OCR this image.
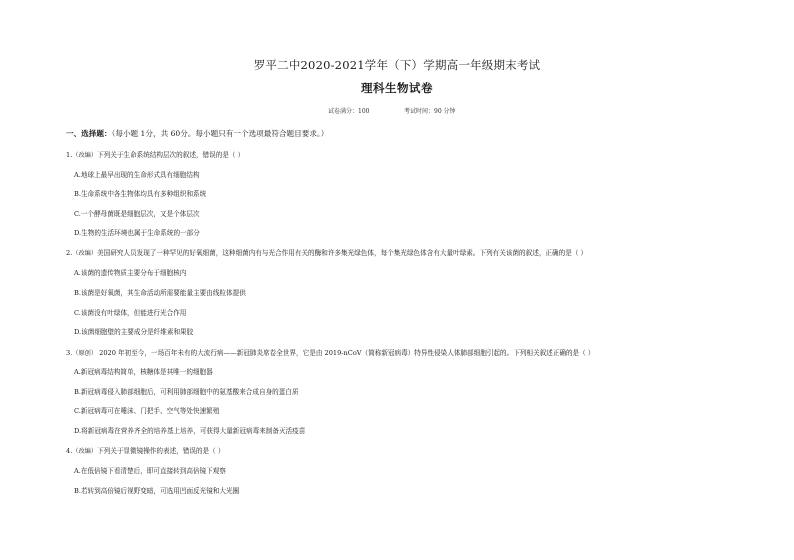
罗平二中2020-2021学年（下）学期高一年级期末考试
理科生物试卷
试卷满分：100	考试时间：90 分钟
一、选择题：（每小题 1分，共 60分。每小题只有一个选项最符合题目要求。）
1.（改编）下列关于生命系统结构层次的叙述，错误的是（ ）
A.地球上最早出现的生命形式具有细胞结构
B.生命系统中各生物体均具有多种组织和系统
C.一个酵母菌既是细胞层次，又是个体层次
D.生物的生活环境也属于生命系统的一部分
2.（改编）美国研究人员发现了一种罕见的好氧细菌，这种细菌内有与光合作用有关的酶和许多集光绿色体，每个集光绿色体含有大量叶绿素。下列有关该菌的叙述，正确的是（ ）
A.该菌的遗传物质主要分布于细胞核内
B.该菌是好氧菌，其生命活动所需要能量主要由线粒体提供
C.该菌没有叶绿体，但能进行光合作用
D.该菌细胞壁的主要成分是纤维素和果胶
3.（原创） 2020 年初至今，一场百年未有的大流行病——新冠肺炎席卷全世界，它是由 2019-nCoV（简称新冠病毒）特异性侵染人体肺部细胞引起的。下列相关叙述正确的是（ ）
A.新冠病毒结构简单，核糖体是其唯一的细胞器
B.新冠病毒侵入肺部细胞后，可利用肺部细胞中的氨基酸来合成自身的蛋白质
C.新冠病毒可在唾沫、门把手、空气等处快速繁殖
D.将新冠病毒在营养齐全的培养基上培养，可获得大量新冠病毒来制备灭活疫苗
4.（改编）下列关于显微镜操作的表述，错误的是（ ）
A.在低倍镜下看清楚后，即可直接转到高倍镜下观察
B.若转到高倍镜后视野变暗，可选用凹面反光镜和大光圈
